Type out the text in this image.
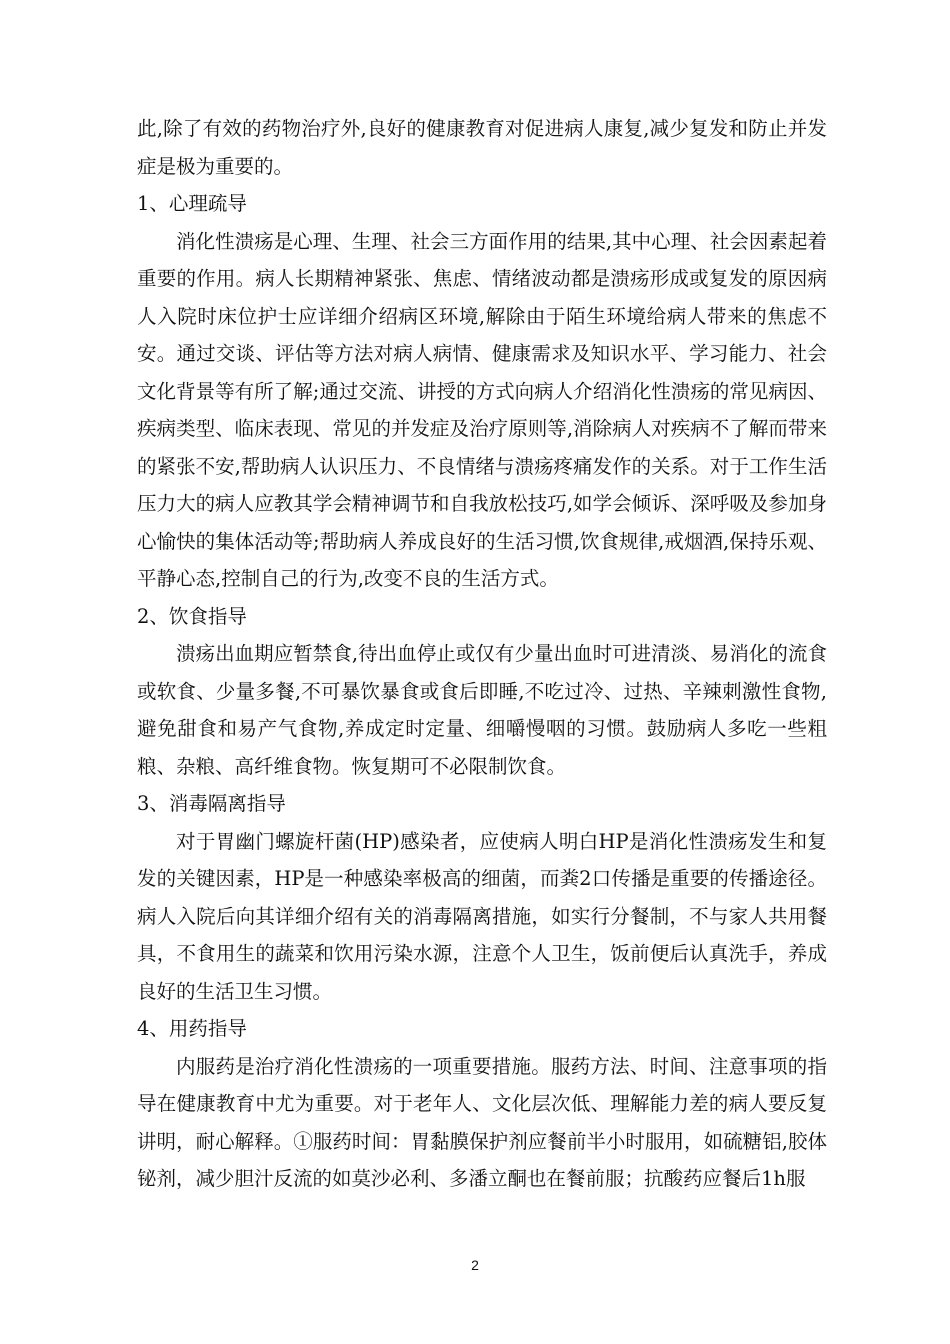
此,除了有效的药物治疗外,良好的健康教育对促进病人康复,减少复发和防止并发症是极为重要的。

1、心理疏导

消化性溃疡是心理、生理、社会三方面作用的结果,其中心理、社会因素起着重要的作用。病人长期精神紧张、焦虑、情绪波动都是溃疡形成或复发的原因病人入院时床位护士应详细介绍病区环境,解除由于陌生环境给病人带来的焦虑不安。通过交谈、评估等方法对病人病情、健康需求及知识水平、学习能力、社会文化背景等有所了解;通过交流、讲授的方式向病人介绍消化性溃疡的常见病因、疾病类型、临床表现、常见的并发症及治疗原则等,消除病人对疾病不了解而带来的紧张不安,帮助病人认识压力、不良情绪与溃疡疼痛发作的关系。对于工作生活压力大的病人应教其学会精神调节和自我放松技巧,如学会倾诉、深呼吸及参加身心愉快的集体活动等;帮助病人养成良好的生活习惯,饮食规律,戒烟酒,保持乐观、平静心态,控制自己的行为,改变不良的生活方式。

2、饮食指导

溃疡出血期应暂禁食,待出血停止或仅有少量出血时可进清淡、易消化的流食或软食、少量多餐,不可暴饮暴食或食后即睡,不吃过冷、过热、辛辣刺激性食物,避免甜食和易产气食物,养成定时定量、细嚼慢咽的习惯。鼓励病人多吃一些粗粮、杂粮、高纤维食物。恢复期可不必限制饮食。

3、消毒隔离指导

对于胃幽门螺旋杆菌(HP)感染者，应使病人明白HP是消化性溃疡发生和复发的关键因素，HP是一种感染率极高的细菌，而粪2口传播是重要的传播途径。病人入院后向其详细介绍有关的消毒隔离措施，如实行分餐制，不与家人共用餐具，不食用生的蔬菜和饮用污染水源，注意个人卫生，饭前便后认真洗手，养成良好的生活卫生习惯。

4、用药指导

内服药是治疗消化性溃疡的一项重要措施。服药方法、时间、注意事项的指导在健康教育中尤为重要。对于老年人、文化层次低、理解能力差的病人要反复讲明，耐心解释。①服药时间：胃黏膜保护剂应餐前半小时服用，如硫糖铝,胶体铋剂，减少胆汁反流的如莫沙必利、多潘立酮也在餐前服；抗酸药应餐后1h服

2
